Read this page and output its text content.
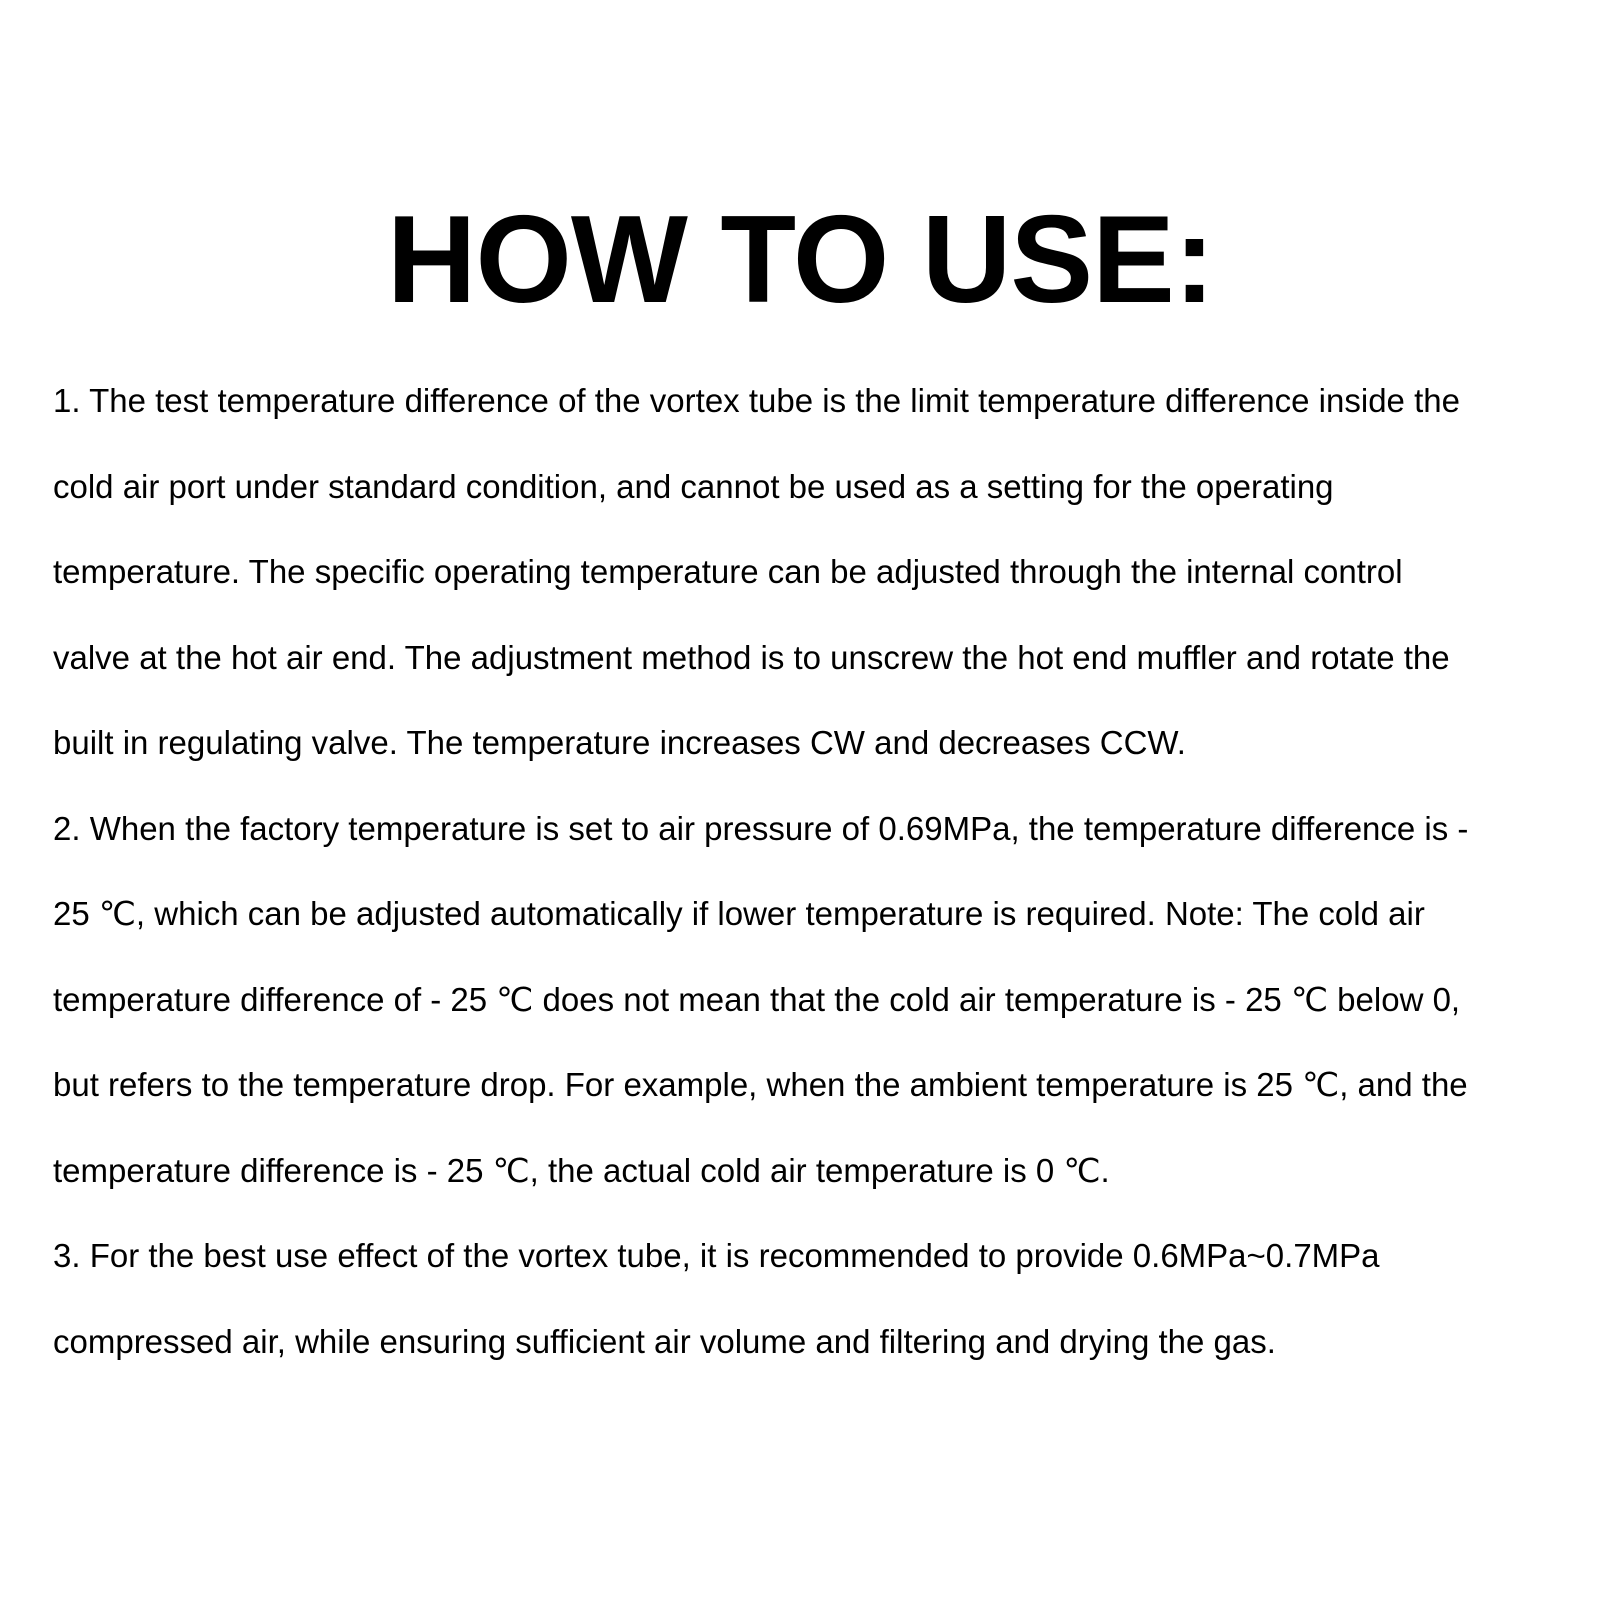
HOW TO USE:
1. The test temperature difference of the vortex tube is the limit temperature difference inside the
cold air port under standard condition, and cannot be used as a setting for the operating
temperature. The specific operating temperature can be adjusted through the internal control
valve at the hot air end. The adjustment method is to unscrew the hot end muffler and rotate the
built in regulating valve. The temperature increases CW and decreases CCW.
2. When the factory temperature is set to air pressure of 0.69MPa, the temperature difference is -
25 ℃, which can be adjusted automatically if lower temperature is required. Note: The cold air
temperature difference of - 25 ℃ does not mean that the cold air temperature is - 25 ℃ below 0,
but refers to the temperature drop. For example, when the ambient temperature is 25 ℃, and the
temperature difference is - 25 ℃, the actual cold air temperature is 0 ℃.
3. For the best use effect of the vortex tube, it is recommended to provide 0.6MPa~0.7MPa
compressed air, while ensuring sufficient air volume and filtering and drying the gas.
